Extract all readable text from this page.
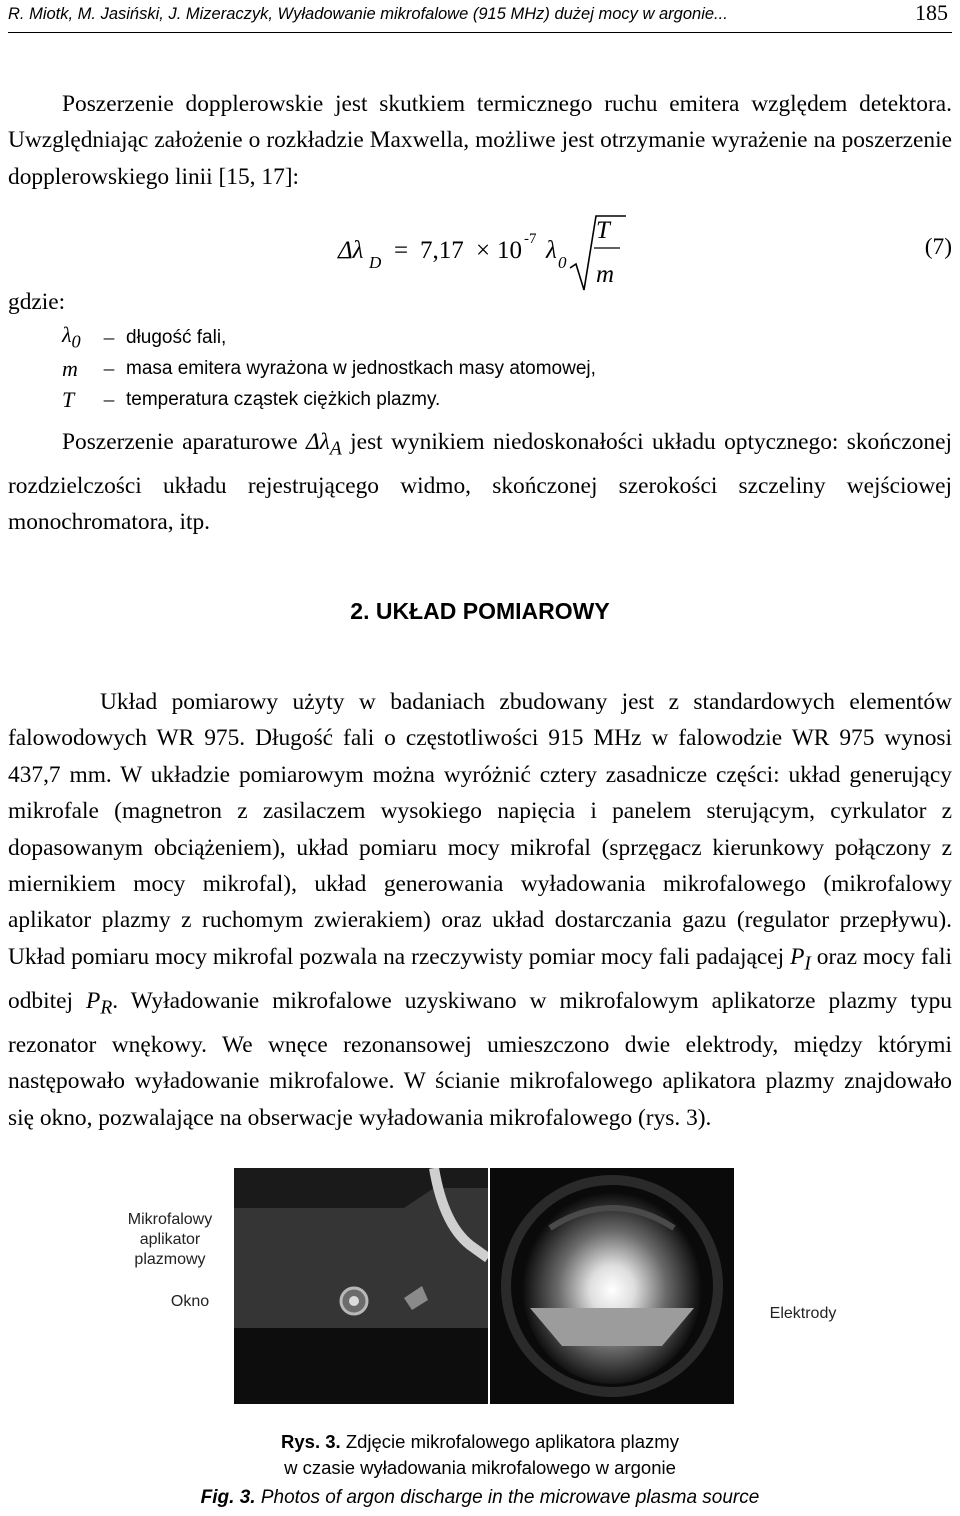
R. Miotk, M. Jasiński, J. Mizeraczyk, Wyładowanie mikrofalowe (915 MHz) dużej mocy w argonie...	185
Poszerzenie dopplerowskie jest skutkiem termicznego ruchu emitera względem detektora. Uwzględniając założenie o rozkładzie Maxwella, możliwe jest otrzymanie wyrażenie na poszerzenie dopplerowskiego linii [15, 17]:
Δλ D = 7,17 × 10 -7 λ 0
T
m
(7)
gdzie:
$\lambda_0$	– długość fali,
m	– masa emitera wyrażona w jednostkach masy atomowej,
T	– temperatura cząstek ciężkich plazmy.
Poszerzenie aparaturowe $\Delta\lambda_A$ jest wynikiem niedoskonałości układu optycznego: skończonej rozdzielczości układu rejestrującego widmo, skończonej szerokości szczeliny wejściowej monochromatora, itp.
2. UKŁAD POMIAROWY
Układ pomiarowy użyty w badaniach zbudowany jest z standardowych elementów falowodowych WR 975. Długość fali o częstotliwości 915 MHz w falowodzie WR 975 wynosi 437,7 mm. W układzie pomiarowym można wyróżnić cztery zasadnicze części: układ generujący mikrofale (magnetron z zasilaczem wysokiego napięcia i panelem sterującym, cyrkulator z dopasowanym obciążeniem), układ pomiaru mocy mikrofal (sprzęgacz kierunkowy połączony z miernikiem mocy mikrofal), układ generowania wyładowania mikrofalowego (mikrofalowy aplikator plazmy z ruchomym zwierakiem) oraz układ dostarczania gazu (regulator przepływu). Układ pomiaru mocy mikrofal pozwala na rzeczywisty pomiar mocy fali padającej $P_I$ oraz mocy fali odbitej $P_R$. Wyładowanie mikrofalowe uzyskiwano w mikrofalowym aplikatorze plazmy typu rezonator wnękowy. We wnęce rezonansowej umieszczono dwie elektrody, między którymi następowało wyładowanie mikrofalowe. W ścianie mikrofalowego aplikatora plazmy znajdowało się okno, pozwalające na obserwacje wyładowania mikrofalowego (rys. 3).
Mikrofalowy aplikator plazmowy
Okno
Elektrody
Rys. 3. Zdjęcie mikrofalowego aplikatora plazmy
w czasie wyładowania mikrofalowego w argonie
Fig. 3. Photos of argon discharge in the microwave plasma source
